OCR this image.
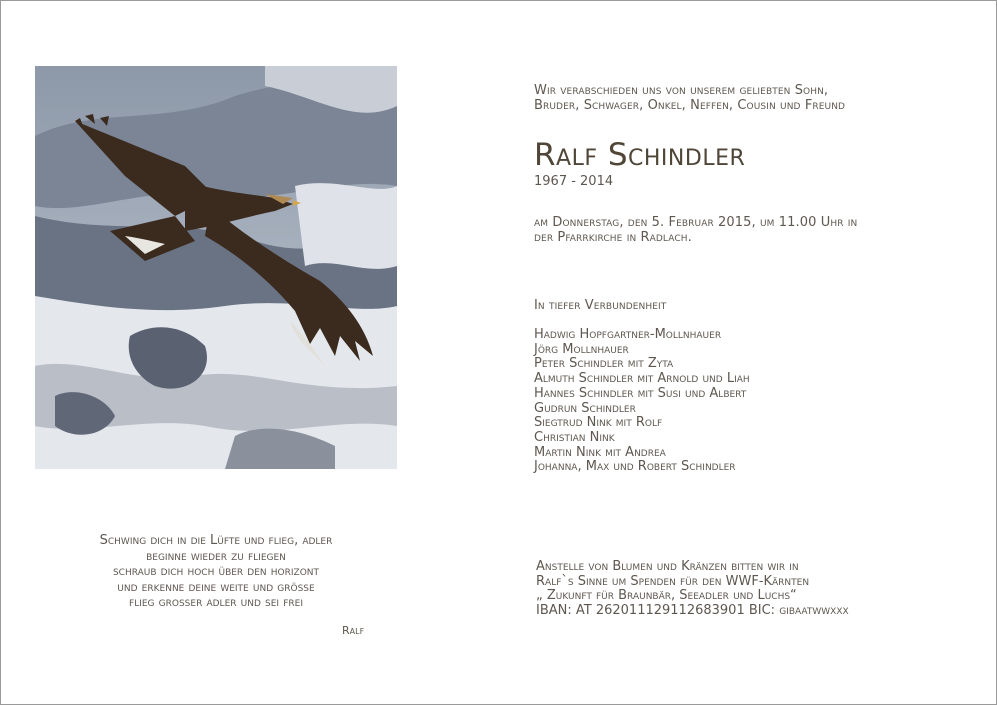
Wir verabschieden uns von unserem geliebten Sohn,
Bruder, Schwager, Onkel, Neffen, Cousin und Freund
Ralf Schindler
1967 - 2014
am Donnerstag, den 5. Februar 2015, um 11.00 Uhr in
der Pfarrkirche in Radlach.
In tiefer Verbundenheit
Hadwig Hopfgartner-Mollnhauer
Jörg Mollnhauer
Peter Schindler mit Zyta
Almuth Schindler mit Arnold und Liah
Hannes Schindler mit Susi und Albert
Gudrun Schindler
Siegtrud Nink mit Rolf
Christian Nink
Martin Nink mit Andrea
Johanna, Max und Robert Schindler
Schwing dich in die Lüfte und flieg, adler
beginne wieder zu fliegen
schraub dich hoch über den horizont
und erkenne deine weite und grösse
flieg grosser adler und sei frei
Ralf
Anstelle von Blumen und Kränzen bitten wir in
Ralf`s Sinne um Spenden für den WWF-Kärnten
„ Zukunft für Braunbär, Seeadler und Luchs“
IBAN: AT 262011129112683901 BIC: gibaatwwxxx
